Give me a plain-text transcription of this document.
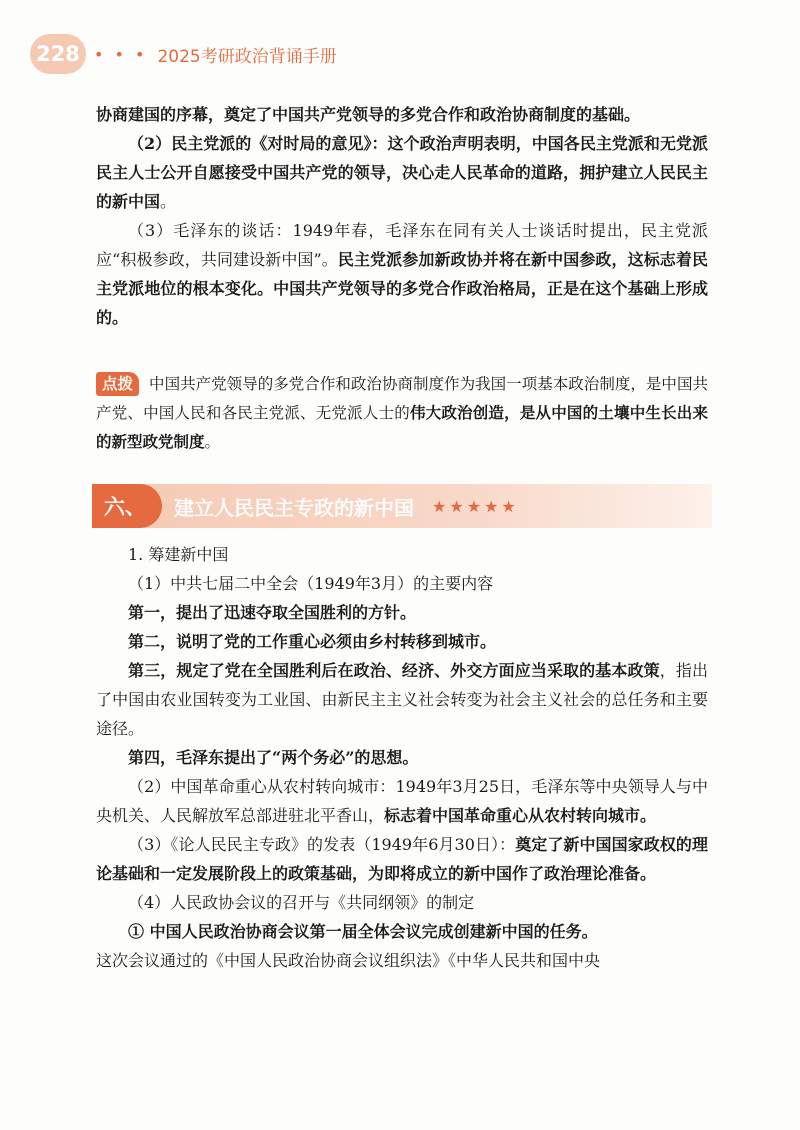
228 • • • 2025考研政治背诵手册

协商建国的序幕，奠定了中国共产党领导的多党合作和政治协商制度的基础。

（2）民主党派的《对时局的意见》：这个政治声明表明，中国各民主党派和无党派民主人士公开自愿接受中国共产党的领导，决心走人民革命的道路，拥护建立人民民主的新中国。

（3）毛泽东的谈话：1949年春，毛泽东在同有关人士谈话时提出，民主党派应“积极参政，共同建设新中国”。民主党派参加新政协并将在新中国参政，这标志着民主党派地位的根本变化。中国共产党领导的多党合作政治格局，正是在这个基础上形成的。

点拨 中国共产党领导的多党合作和政治协商制度作为我国一项基本政治制度，是中国共产党、中国人民和各民主党派、无党派人士的伟大政治创造，是从中国的土壤中生长出来的新型政党制度。
六、	建立人民民主专政的新中国 ★★★★★

1. 筹建新中国

（1）中共七届二中全会（1949年3月）的主要内容

第一，提出了迅速夺取全国胜利的方针。

第二，说明了党的工作重心必须由乡村转移到城市。

第三，规定了党在全国胜利后在政治、经济、外交方面应当采取的基本政策，指出了中国由农业国转变为工业国、由新民主主义社会转变为社会主义社会的总任务和主要途径。

第四，毛泽东提出了“两个务必”的思想。

（2）中国革命重心从农村转向城市：1949年3月25日，毛泽东等中央领导人与中央机关、人民解放军总部进驻北平香山，标志着中国革命重心从农村转向城市。

（3）《论人民民主专政》的发表（1949年6月30日）：奠定了新中国国家政权的理论基础和一定发展阶段上的政策基础，为即将成立的新中国作了政治理论准备。

（4）人民政协会议的召开与《共同纲领》的制定

① 中国人民政治协商会议第一届全体会议完成创建新中国的任务。

这次会议通过的《中国人民政治协商会议组织法》《中华人民共和国中央
